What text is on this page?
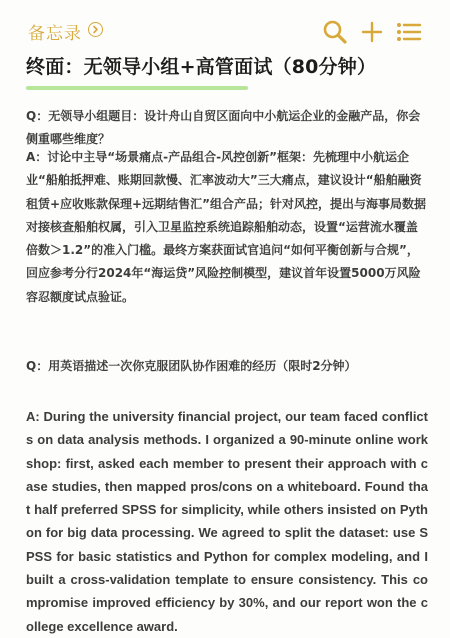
备忘录
终面：无领导小组+高管面试（80分钟）
Q：无领导小组题目：设计舟山自贸区面向中小航运企业的金融产品，你会侧重哪些维度？
A：讨论中主导“场景痛点-产品组合-风控创新”框架：先梳理中小航运企业“船舶抵押难、账期回款慢、汇率波动大”三大痛点，建议设计“船舶融资租赁+应收账款保理+远期结售汇”组合产品；针对风控，提出与海事局数据对接核查船舶权属，引入卫星监控系统追踪船舶动态，设置“运营流水覆盖倍数＞1.2”的准入门槛。最终方案获面试官追问“如何平衡创新与合规”，回应参考分行2024年“海运贷”风险控制模型，建议首年设置5000万风险容忍额度试点验证。
Q：用英语描述一次你克服团队协作困难的经历（限时2分钟）
A: During the university financial project, our team faced conflicts on data analysis methods. I organized a 90-minute online workshop: first, asked each member to present their approach with case studies, then mapped pros/cons on a whiteboard. Found that half preferred SPSS for simplicity, while others insisted on Python for big data processing. We agreed to split the dataset: use SPSS for basic statistics and Python for complex modeling, and I built a cross-validation template to ensure consistency. This compromise improved efficiency by 30%, and our report won the college excellence award.
